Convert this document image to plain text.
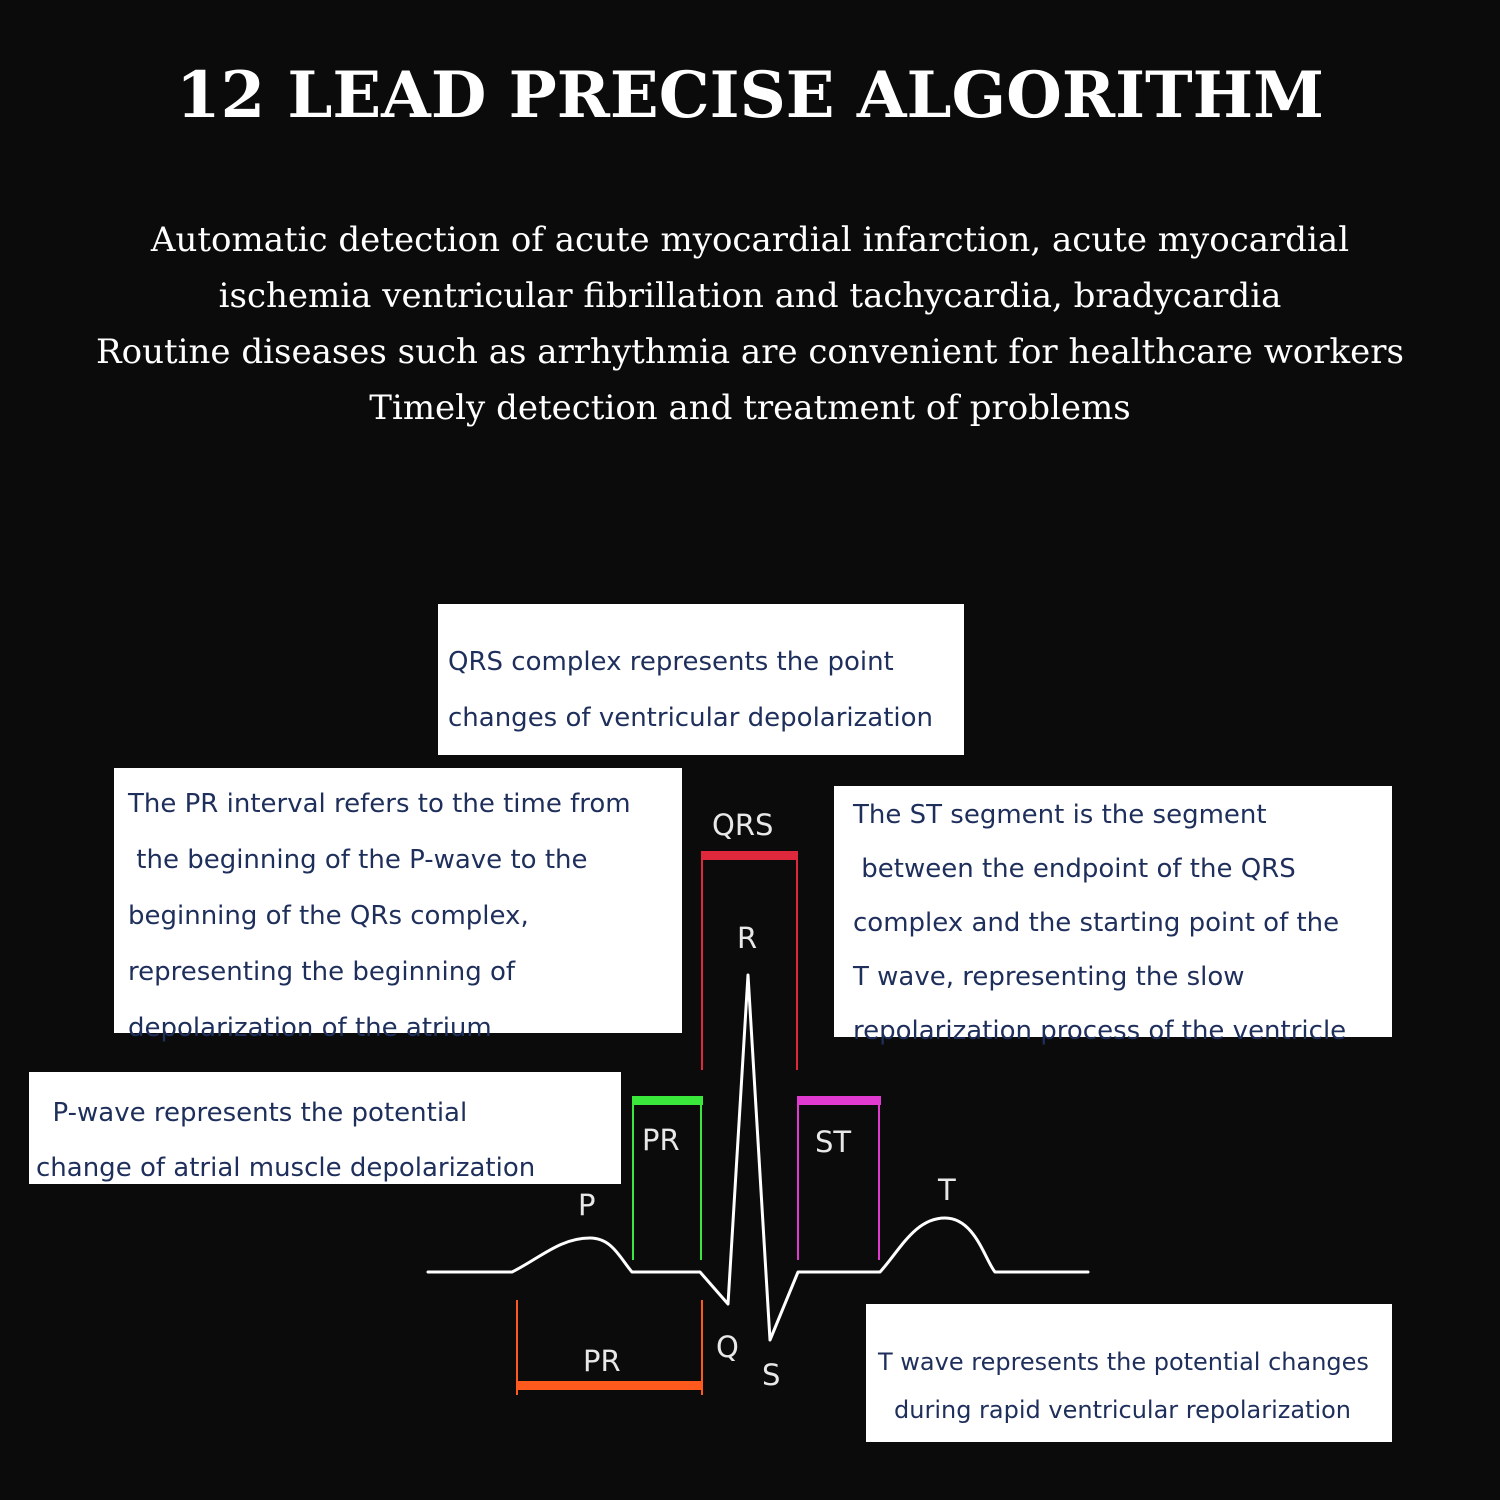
12 LEAD PRECISE ALGORITHM
Automatic detection of acute myocardial infarction, acute myocardial
ischemia ventricular fibrillation and tachycardia, bradycardia
Routine diseases such as arrhythmia are convenient for healthcare workers
Timely detection and treatment of problems
QRS complex represents the point
changes of ventricular depolarization
The PR interval refers to the time from
the beginning of the P-wave to the
beginning of the QRs complex,
representing the beginning of
depolarization of the atrium
The ST segment is the segment
between the endpoint of the QRS
complex and the starting point of the
T wave, representing the slow
repolarization process of the ventricle
P-wave represents the potential
change of atrial muscle depolarization
T wave represents the potential changes
during rapid ventricular repolarization
QRS
R
PR	ST
P	T
Q
S
PR
